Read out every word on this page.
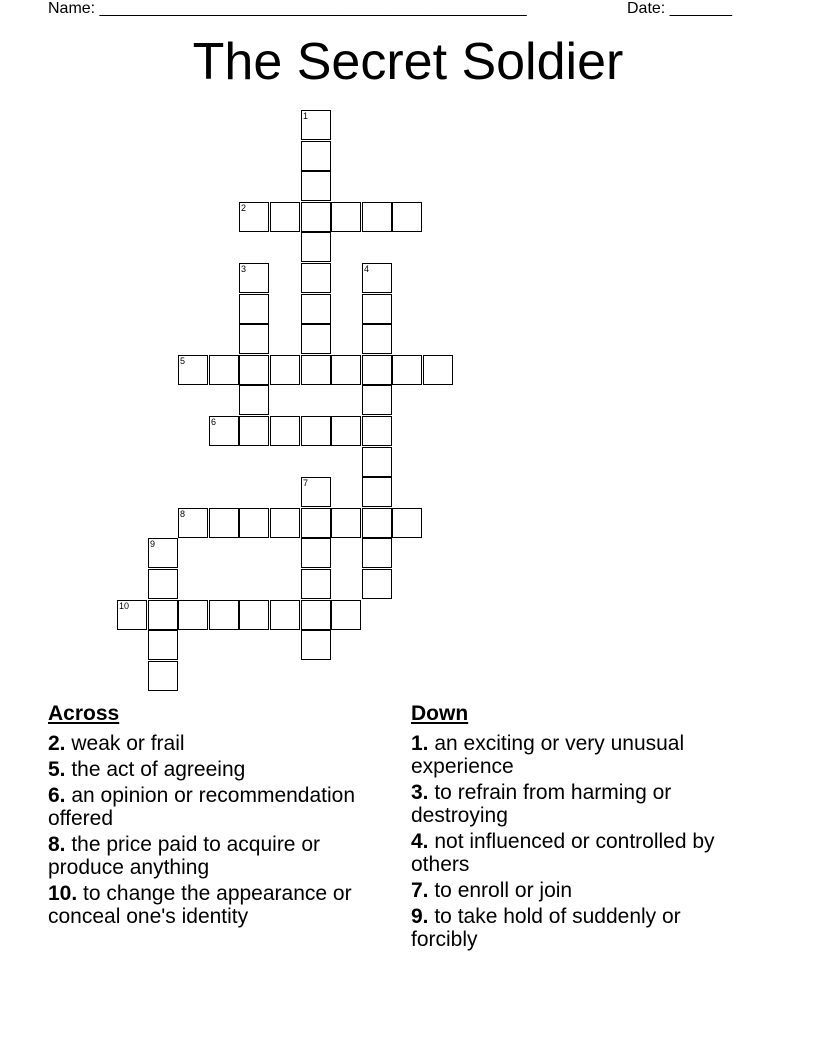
Name: ________________________________________________	Date: _______
The Secret Soldier
1
2
3	4
5
6
7
8
9
10
Across
2. weak or frail
5. the act of agreeing
6. an opinion or recommendation offered
8. the price paid to acquire or produce anything
10. to change the appearance or conceal one's identity
Down
1. an exciting or very unusual experience
3. to refrain from harming or destroying
4. not influenced or controlled by others
7. to enroll or join
9. to take hold of suddenly or forcibly
